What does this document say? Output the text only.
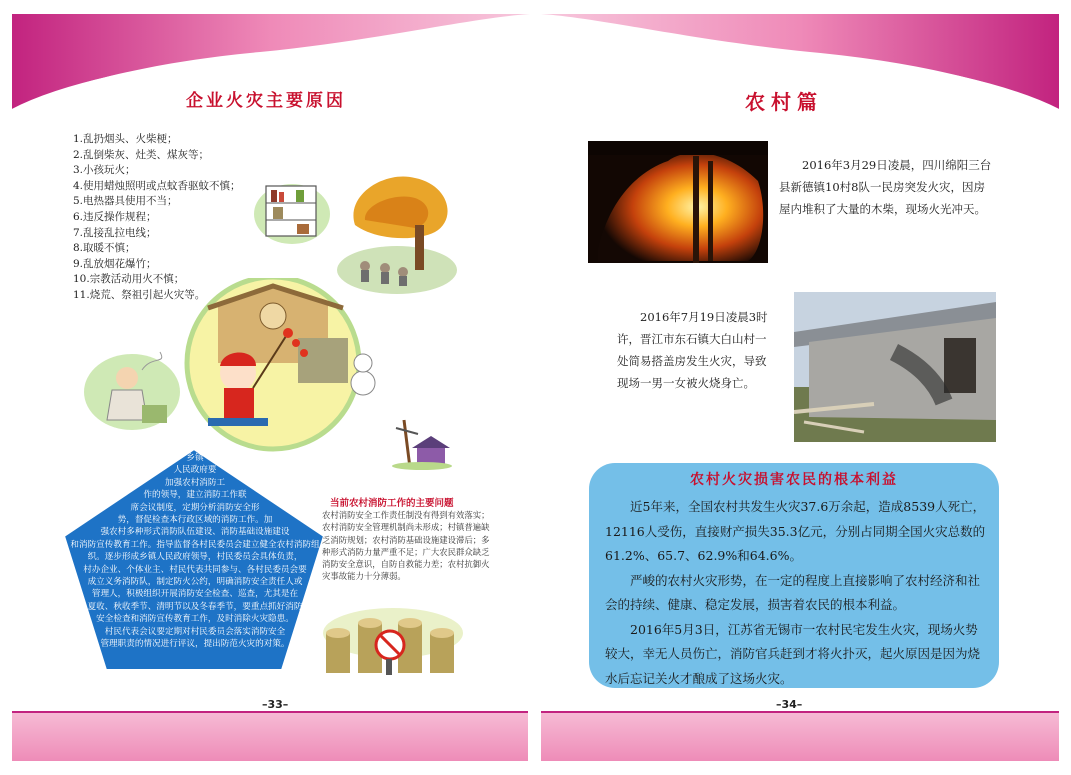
企业火灾主要原因
1.乱扔烟头、火柴梗；
2.乱倒柴灰、灶类、煤灰等；
3.小孩玩火；
4.使用蜡烛照明或点蚊香驱蚊不慎；
5.电热器具使用不当；
6.违反操作规程；
7.乱接乱拉电线；
8.取暖不慎；
9.乱放烟花爆竹；
10.宗教活动用火不慎；
11.烧荒、祭祖引起火灾等。
乡镇
人民政府要
加强农村消防工
作的领导，建立消防工作联
席会议制度，定期分析消防安全形
势，督促检查本行政区域的消防工作。加
强农村多种形式消防队伍建设、消防基础设施建设
和消防宣传教育工作。指导监督各村民委员会建立健全农村消防组
织。逐步形成乡镇人民政府领导，村民委员会具体负责，
村办企业、个体业主、村民代表共同参与、各村民委员会要
成立义务消防队，制定防火公约，明确消防安全责任人或
管理人，积极组织开展消防安全检查、巡查，尤其是在
夏收、秋收季节、清明节以及冬春季节，要重点抓好消防
安全检查和消防宣传教育工作，及时消除火灾隐患。
村民代表会议要定期对村民委员会落实消防安全
管理职责的情况进行评议，提出防范火灾的对策。
当前农村消防工作的主要问题
农村消防安全工作责任制没有得到有效落实；农村消防安全管理机制尚未形成；村镇普遍缺乏消防规划；农村消防基础设施建设滞后；多种形式消防力量严重不足；广大农民群众缺乏消防安全意识，自防自救能力差；农村抗御火灾事故能力十分薄弱。
–33–
农村篇
2016年3月29日凌晨，四川绵阳三台县新德镇10村8队一民房突发火灾，因房屋内堆积了大量的木柴，现场火光冲天。
2016年7月19日凌晨3时许，晋江市东石镇大白山村一处简易搭盖房发生火灾，导致现场一男一女被火烧身亡。
农村火灾损害农民的根本利益

近5年来，全国农村共发生火灾37.6万余起，造成8539人死亡，12116人受伤，直接财产损失35.3亿元，分别占同期全国火灾总数的61.2%、65.7、62.9%和64.6%。

严峻的农村火灾形势，在一定的程度上直接影响了农村经济和社会的持续、健康、稳定发展，损害着农民的根本利益。

2016年5月3日，江苏省无锡市一农村民宅发生火灾，现场火势较大，幸无人员伤亡，消防官兵赶到才将火扑灭，起火原因是因为烧水后忘记关火才酿成了这场火灾。

–34–
